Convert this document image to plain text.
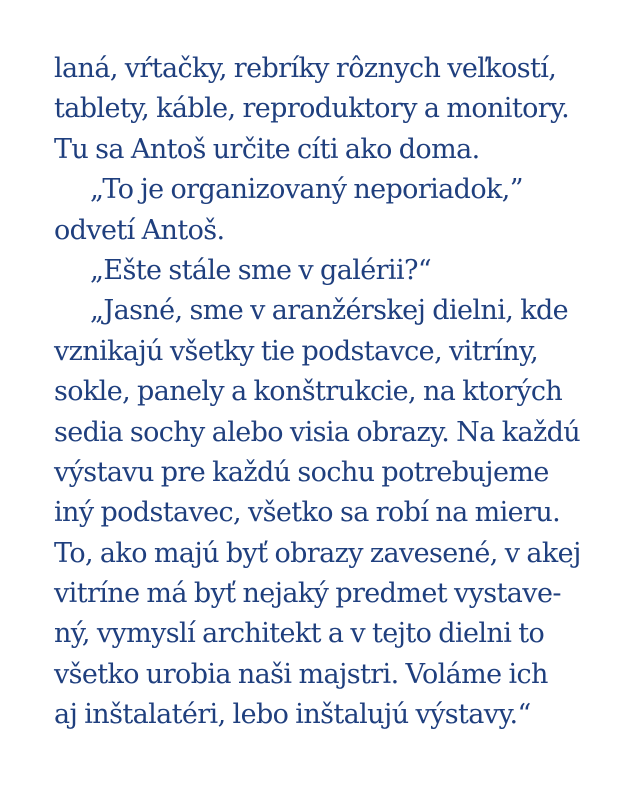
laná, vŕtačky, rebríky rôznych veľkostí,
tablety, káble, reproduktory a monitory.
Tu sa Antoš určite cíti ako doma.
„To je organizovaný neporiadok,”
odvetí Antoš.
„Ešte stále sme v galérii?“
„Jasné, sme v aranžérskej dielni, kde
vznikajú všetky tie podstavce, vitríny,
sokle, panely a konštrukcie, na ktorých
sedia sochy alebo visia obrazy. Na každú
výstavu pre každú sochu potrebujeme
iný podstavec, všetko sa robí na mieru.
To, ako majú byť obrazy zavesené, v akej
vitríne má byť nejaký predmet vystave-
ný, vymyslí architekt a v tejto dielni to
všetko urobia naši majstri. Voláme ich
aj inštalatéri, lebo inštalujú výstavy.“
